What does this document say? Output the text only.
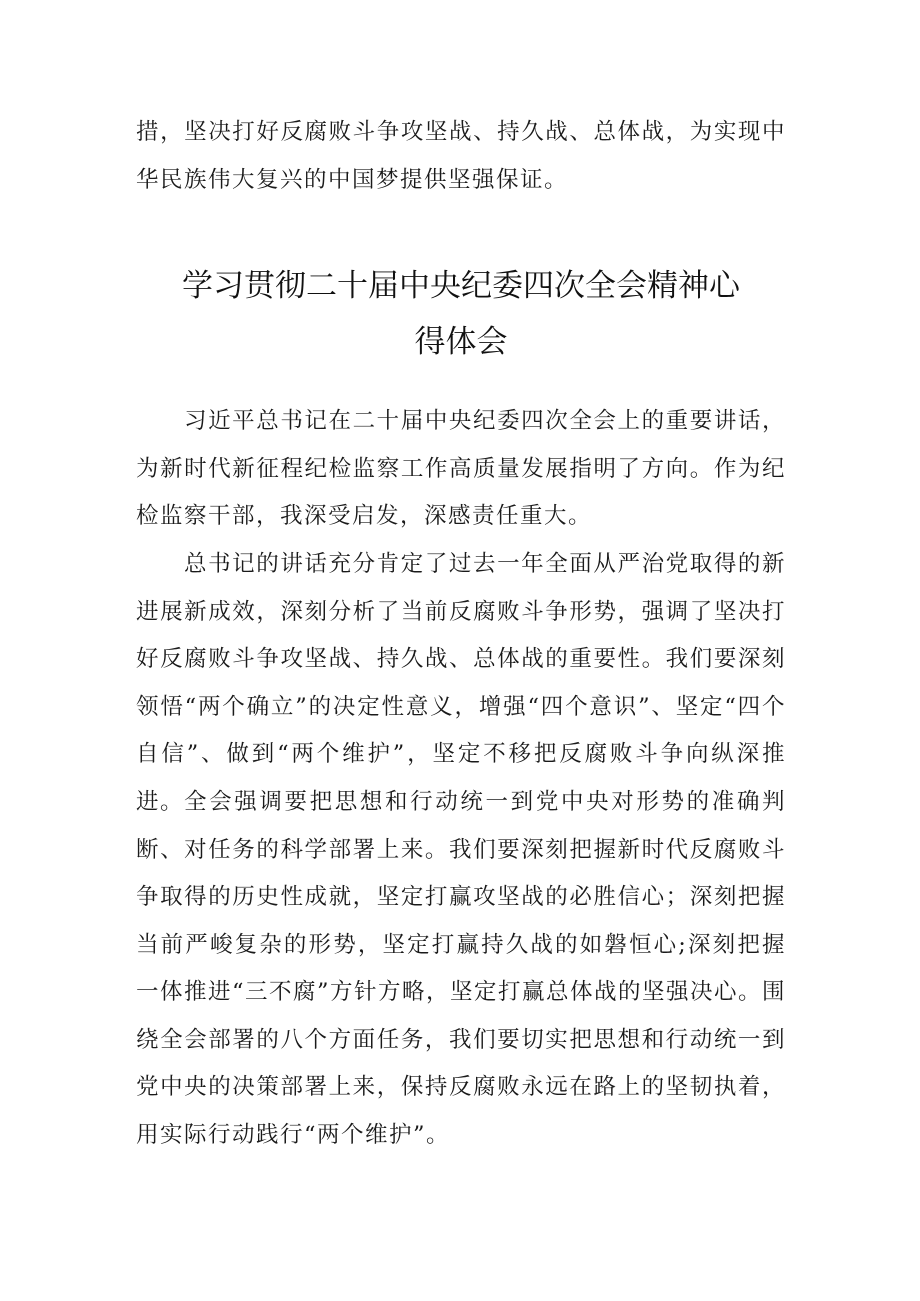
措，坚决打好反腐败斗争攻坚战、持久战、总体战，为实现中华民族伟大复兴的中国梦提供坚强保证。

学习贯彻二十届中央纪委四次全会精神心
得体会

习近平总书记在二十届中央纪委四次全会上的重要讲话，为新时代新征程纪检监察工作高质量发展指明了方向。作为纪检监察干部，我深受启发，深感责任重大。

总书记的讲话充分肯定了过去一年全面从严治党取得的新进展新成效，深刻分析了当前反腐败斗争形势，强调了坚决打好反腐败斗争攻坚战、持久战、总体战的重要性。我们要深刻领悟“两个确立”的决定性意义，增强“四个意识”、坚定“四个自信”、做到“两个维护”，坚定不移把反腐败斗争向纵深推进。 全会强调要把思想和行动统一到党中央对形势的准确判断、对任务的科学部署上来。我们要深刻把握新时代反腐败斗争取得的历史性成就，坚定打赢攻坚战的必胜信心；深刻把握当前严峻复杂的形势，坚定打赢持久战的如磐恒心;深刻把握一体推进“三不腐”方针方略，坚定打赢总体战的坚强决心。围绕全会部署的八个方面任务，我们要切实把思想和行动统一到党中央的决策部署上来，保持反腐败永远在路上的坚韧执着，用实际行动践行“两个维护”。
